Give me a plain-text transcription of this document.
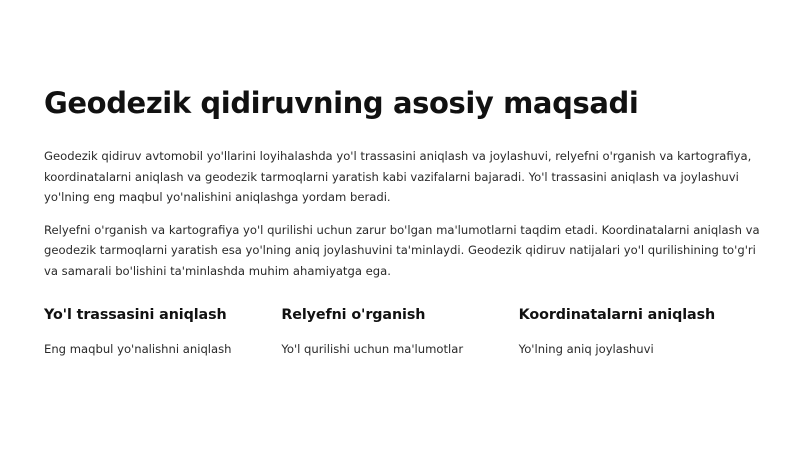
Geodezik qidiruvning asosiy maqsadi

Geodezik qidiruv avtomobil yo'llarini loyihalashda yo'l trassasini aniqlash va joylashuvi, relyefni o'rganish va kartografiya, koordinatalarni aniqlash va geodezik tarmoqlarni yaratish kabi vazifalarni bajaradi. Yo'l trassasini aniqlash va joylashuvi yo'lning eng maqbul yo'nalishini aniqlashga yordam beradi.

Relyefni o'rganish va kartografiya yo'l qurilishi uchun zarur bo'lgan ma'lumotlarni taqdim etadi. Koordinatalarni aniqlash va geodezik tarmoqlarni yaratish esa yo'lning aniq joylashuvini ta'minlaydi. Geodezik qidiruv natijalari yo'l qurilishining to'g'ri va samarali bo'lishini ta'minlashda muhim ahamiyatga ega.

Yo'l trassasini aniqlash

Eng maqbul yo'nalishni aniqlash

Relyefni o'rganish

Yo'l qurilishi uchun ma'lumotlar

Koordinatalarni aniqlash

Yo'lning aniq joylashuvi
